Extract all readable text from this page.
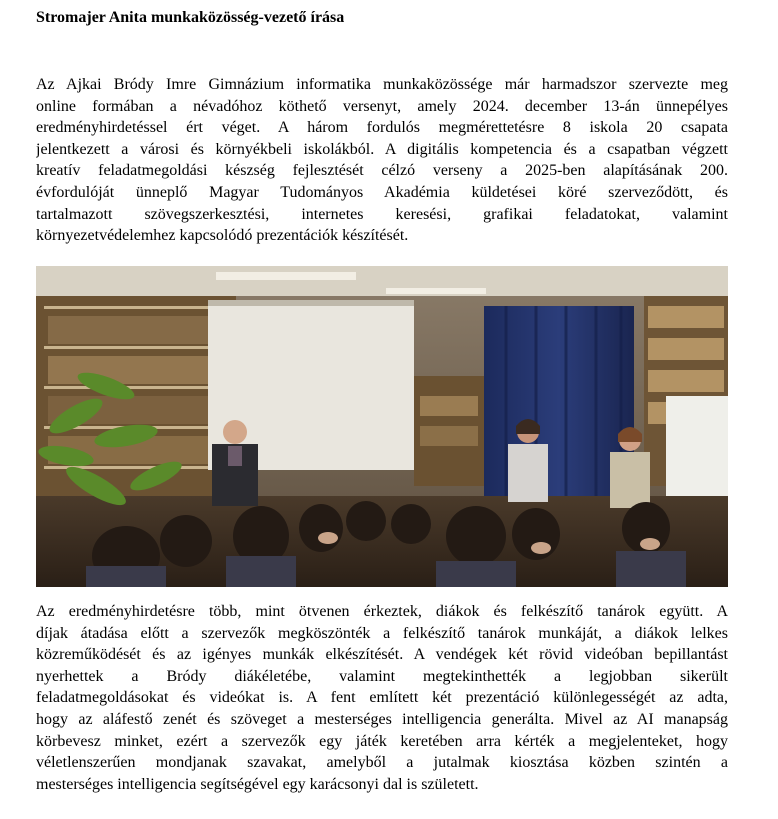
Stromajer Anita munkaközösség-vezető írása

Az Ajkai Bródy Imre Gimnázium informatika munkaközössége már harmadszor szervezte meg
online formában a névadóhoz köthető versenyt, amely 2024. december 13-án ünnepélyes
eredményhirdetéssel ért véget. A három fordulós megmérettetésre 8 iskola 20 csapata
jelentkezett a városi és környékbeli iskolákból. A digitális kompetencia és a csapatban végzett
kreatív feladatmegoldási készség fejlesztését célzó verseny a 2025-ben alapításának 200.
évfordulóját ünneplő Magyar Tudományos Akadémia küldetései köré szerveződött, és
tartalmazott szövegszerkesztési, internetes keresési, grafikai feladatokat, valamint
környezetvédelemhez kapcsolódó prezentációk készítését.

Az eredményhirdetésre több, mint ötvenen érkeztek, diákok és felkészítő tanárok együtt. A
díjak átadása előtt a szervezők megköszönték a felkészítő tanárok munkáját, a diákok lelkes
közreműködését és az igényes munkák elkészítését. A vendégek két rövid videóban bepillantást
nyerhettek a Bródy diákéletébe, valamint megtekinthették a legjobban sikerült
feladatmegoldásokat és videókat is. A fent említett két prezentáció különlegességét az adta,
hogy az aláfestő zenét és szöveget a mesterséges intelligencia generálta. Mivel az AI manapság
körbevesz minket, ezért a szervezők egy játék keretében arra kérték a megjelenteket, hogy
véletlenszerűen mondjanak szavakat, amelyből a jutalmak kiosztása közben szintén a
mesterséges intelligencia segítségével egy karácsonyi dal is született.
